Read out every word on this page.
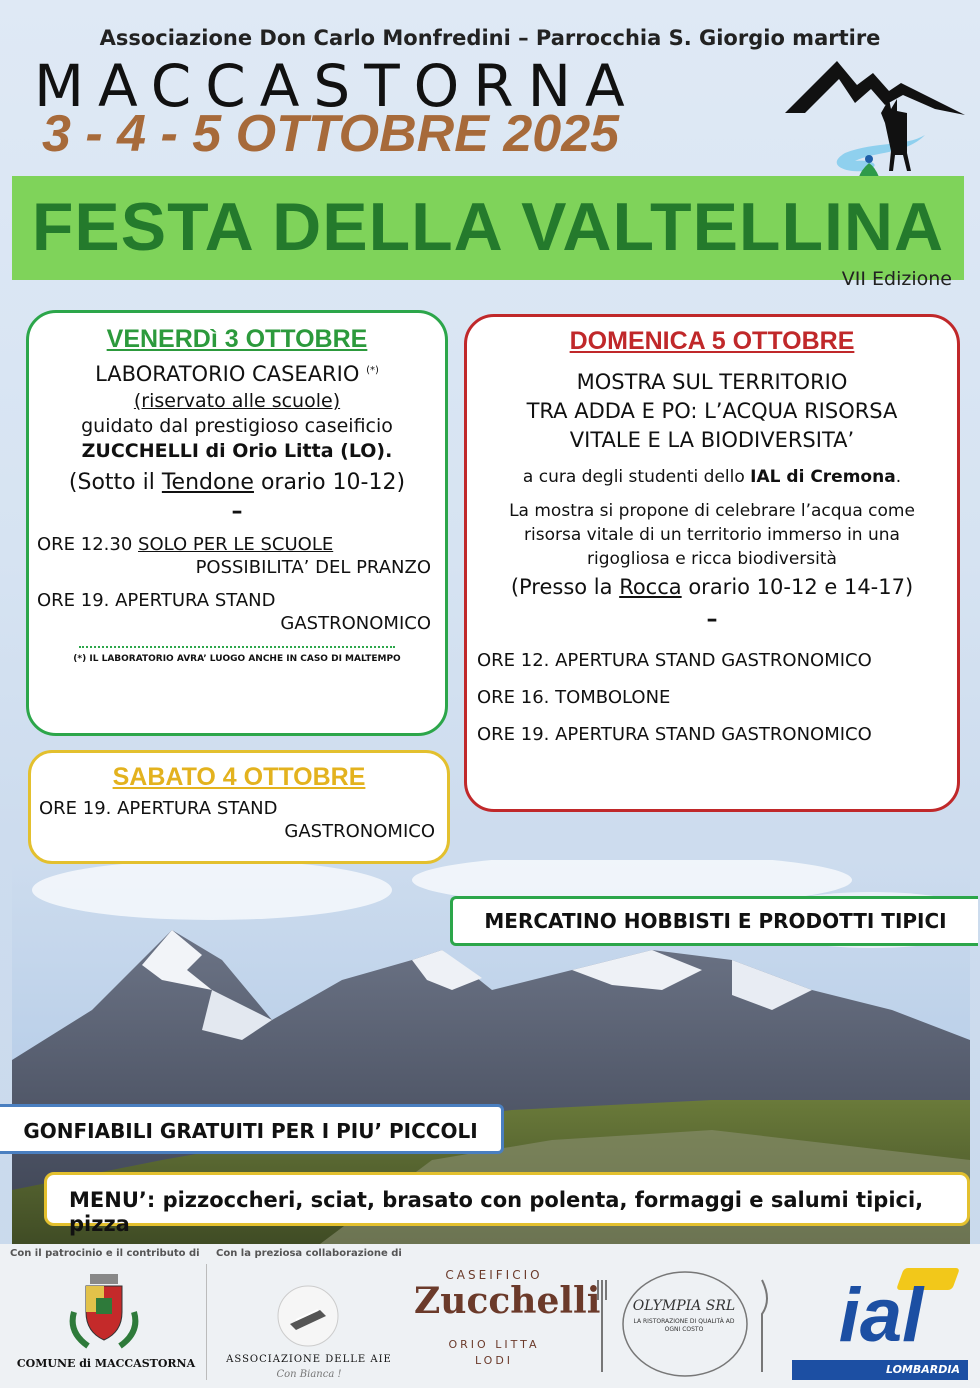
Associazione Don Carlo Monfredini – Parrocchia S. Giorgio martire
MACCASTORNA
3 - 4 - 5 OTTOBRE 2025
FESTA DELLA VALTELLINA
VII Edizione
VENERDì 3 OTTOBRE
LABORATORIO CASEARIO (*)
(riservato alle scuole)
guidato dal prestigioso caseificio
ZUCCHELLI di Orio Litta (LO).
(Sotto il Tendone orario 10-12)
–
ORE 12.30 SOLO PER LE SCUOLE
POSSIBILITA’ DEL PRANZO
ORE 19. APERTURA STAND
GASTRONOMICO
(*) IL LABORATORIO AVRA’ LUOGO ANCHE IN CASO DI MALTEMPO
SABATO 4 OTTOBRE
ORE 19. APERTURA STAND
GASTRONOMICO
DOMENICA 5 OTTOBRE
MOSTRA SUL TERRITORIO
TRA ADDA E PO: L’ACQUA RISORSA
VITALE E LA BIODIVERSITA’
a cura degli studenti dello IAL di Cremona.
La mostra si propone di celebrare l’acqua come
risorsa vitale di un territorio immerso in una
rigogliosa e ricca biodiversità
(Presso la Rocca orario 10-12 e 14-17)
–
ORE 12. APERTURA STAND GASTRONOMICO
ORE 16. TOMBOLONE
ORE 19. APERTURA STAND GASTRONOMICO
MERCATINO HOBBISTI E PRODOTTI TIPICI
GONFIABILI GRATUITI PER I PIU’ PICCOLI
MENU’: pizzoccheri, sciat, brasato con polenta, formaggi e salumi tipici, pizza
Con il patrocinio e il contributo di Con la preziosa collaborazione di
COMUNE di MACCASTORNA	ASSOCIAZIONE DELLE AIE
Con Bianca !
CASEIFICIO
Zucchelli
ORIO LITTA
LODI
OLYMPIA SRL
LA RISTORAZIONE DI QUALITÀ AD OGNI COSTO	ial
LOMBARDIA
